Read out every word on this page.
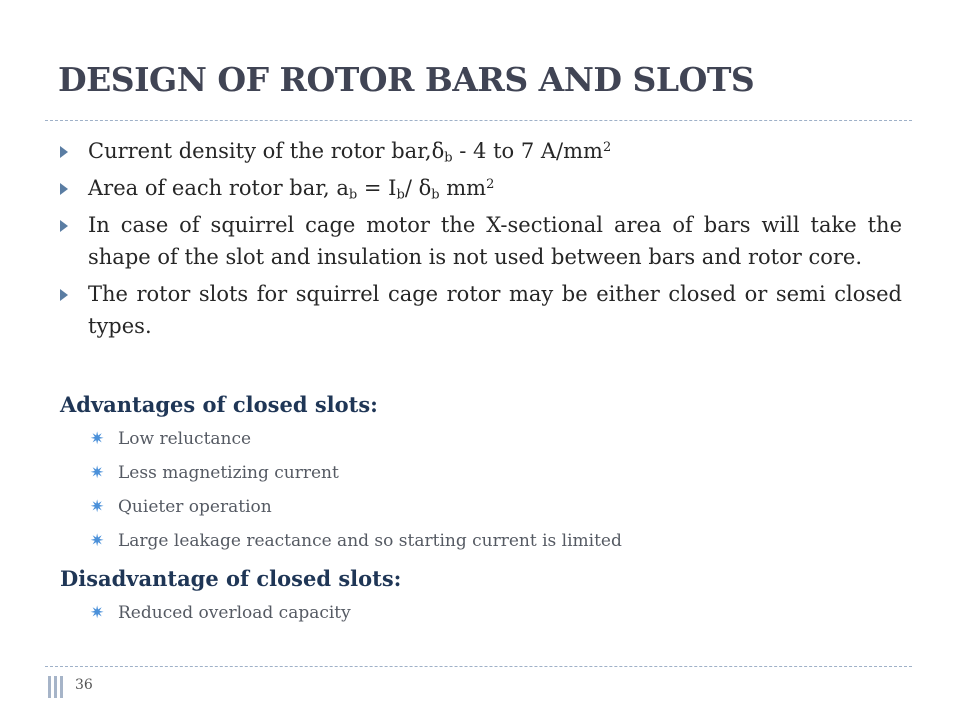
DESIGN OF ROTOR BARS AND SLOTS
Current density of the rotor $bar,\delta_b - 4$ to 7 $A/mm^2$
Area of each rotor bar, $a_b = I_b/$ $\delta_b$ $mm^2$
In case of squirrel cage motor the X-sectional area of bars will take the shape of the slot and insulation is not used between bars and rotor core.
The rotor slots for squirrel cage rotor may be either closed or semi closed types.
Advantages of closed slots:
✷ Low reluctance
✷ Less magnetizing current
✷ Quieter operation
✷ Large leakage reactance and so starting current is limited
Disadvantage of closed slots:
✷ Reduced overload capacity
36
